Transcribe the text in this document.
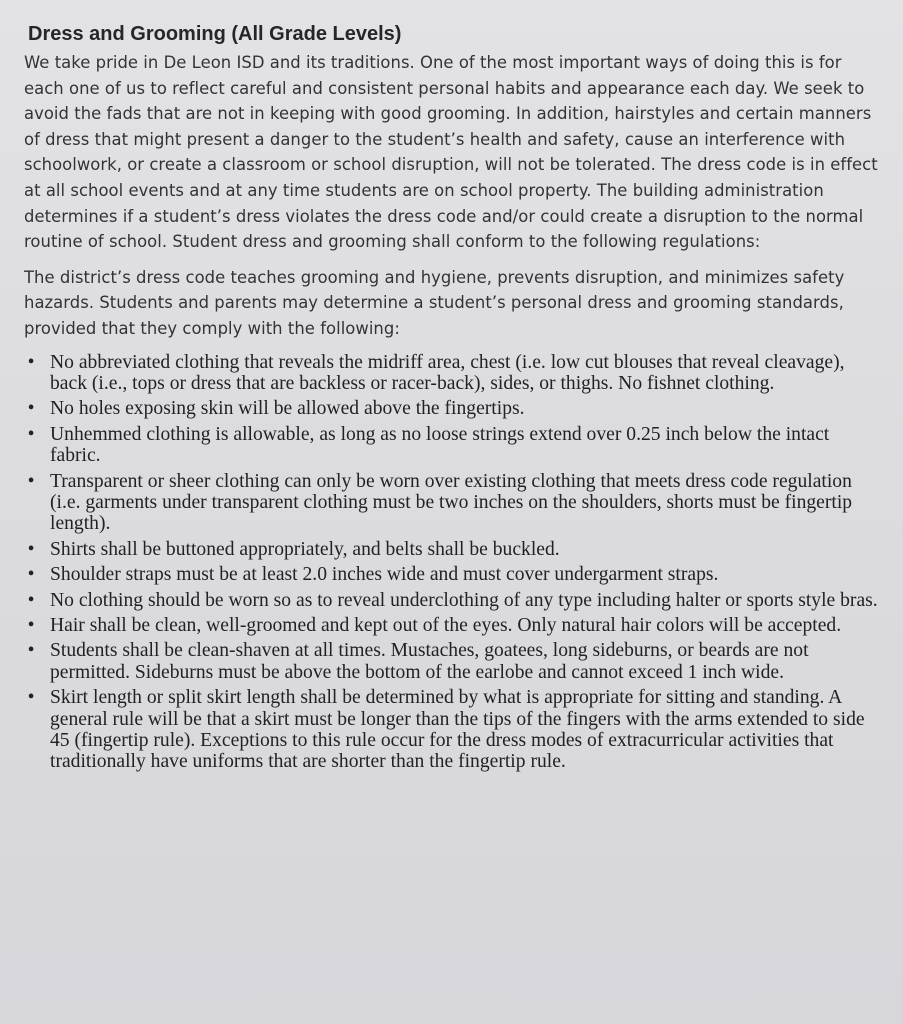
Dress and Grooming (All Grade Levels)

We take pride in De Leon ISD and its traditions. One of the most important ways of doing this is for each one of us to reflect careful and consistent personal habits and appearance each day. We seek to avoid the fads that are not in keeping with good grooming. In addition, hairstyles and certain manners of dress that might present a danger to the student’s health and safety, cause an interference with schoolwork, or create a classroom or school disruption, will not be tolerated. The dress code is in effect at all school events and at any time students are on school property. The building administration determines if a student’s dress violates the dress code and/or could create a disruption to the normal routine of school. Student dress and grooming shall conform to the following regulations:

The district’s dress code teaches grooming and hygiene, prevents disruption, and minimizes safety hazards. Students and parents may determine a student’s personal dress and grooming standards, provided that they comply with the following:

• No abbreviated clothing that reveals the midriff area, chest (i.e. low cut blouses that reveal cleavage), back (i.e., tops or dress that are backless or racer-back), sides, or thighs. No fishnet clothing.
• No holes exposing skin will be allowed above the fingertips.
• Unhemmed clothing is allowable, as long as no loose strings extend over 0.25 inch below the intact fabric.
• Transparent or sheer clothing can only be worn over existing clothing that meets dress code regulation (i.e. garments under transparent clothing must be two inches on the shoulders, shorts must be fingertip length).
• Shirts shall be buttoned appropriately, and belts shall be buckled.
• Shoulder straps must be at least 2.0 inches wide and must cover undergarment straps.
• No clothing should be worn so as to reveal underclothing of any type including halter or sports style bras.
• Hair shall be clean, well-groomed and kept out of the eyes. Only natural hair colors will be accepted.
• Students shall be clean-shaven at all times. Mustaches, goatees, long sideburns, or beards are not permitted. Sideburns must be above the bottom of the earlobe and cannot exceed 1 inch wide.
• Skirt length or split skirt length shall be determined by what is appropriate for sitting and standing. A general rule will be that a skirt must be longer than the tips of the fingers with the arms extended to side 45 (fingertip rule). Exceptions to this rule occur for the dress modes of extracurricular activities that traditionally have uniforms that are shorter than the fingertip rule.
